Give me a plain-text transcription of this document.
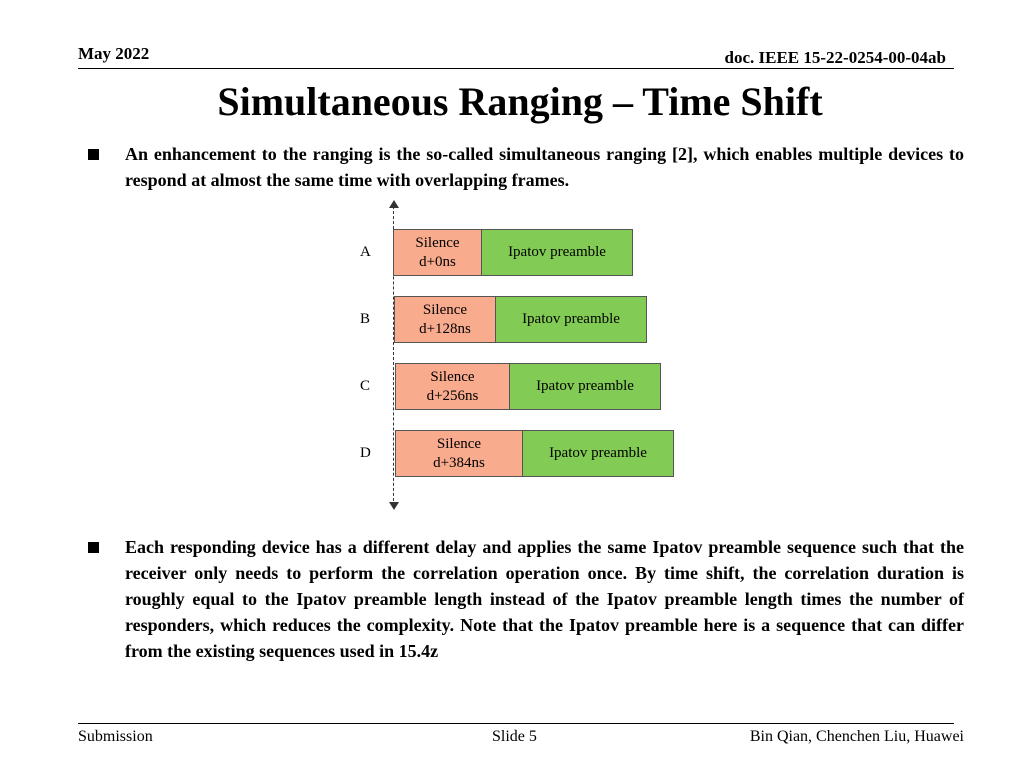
May 2022	doc. IEEE 15-22-0254-00-04ab
Simultaneous Ranging – Time Shift
An enhancement to the ranging is the so-called simultaneous ranging [2], which enables multiple devices to respond at almost the same time with overlapping frames.
A
Silence
d+0ns
Ipatov preamble
B
Silence
d+128ns
Ipatov preamble
C
Silence
d+256ns
Ipatov preamble
D
Silence
d+384ns
Ipatov preamble
Each responding device has a different delay and applies the same Ipatov preamble sequence such that the receiver only needs to perform the correlation operation once. By time shift, the correlation duration is roughly equal to the Ipatov preamble length instead of the Ipatov preamble length times the number of responders, which reduces the complexity. Note that the Ipatov preamble here is a sequence that can differ from the existing sequences used in 15.4z
Submission	Slide 5	Bin Qian, Chenchen Liu, Huawei
